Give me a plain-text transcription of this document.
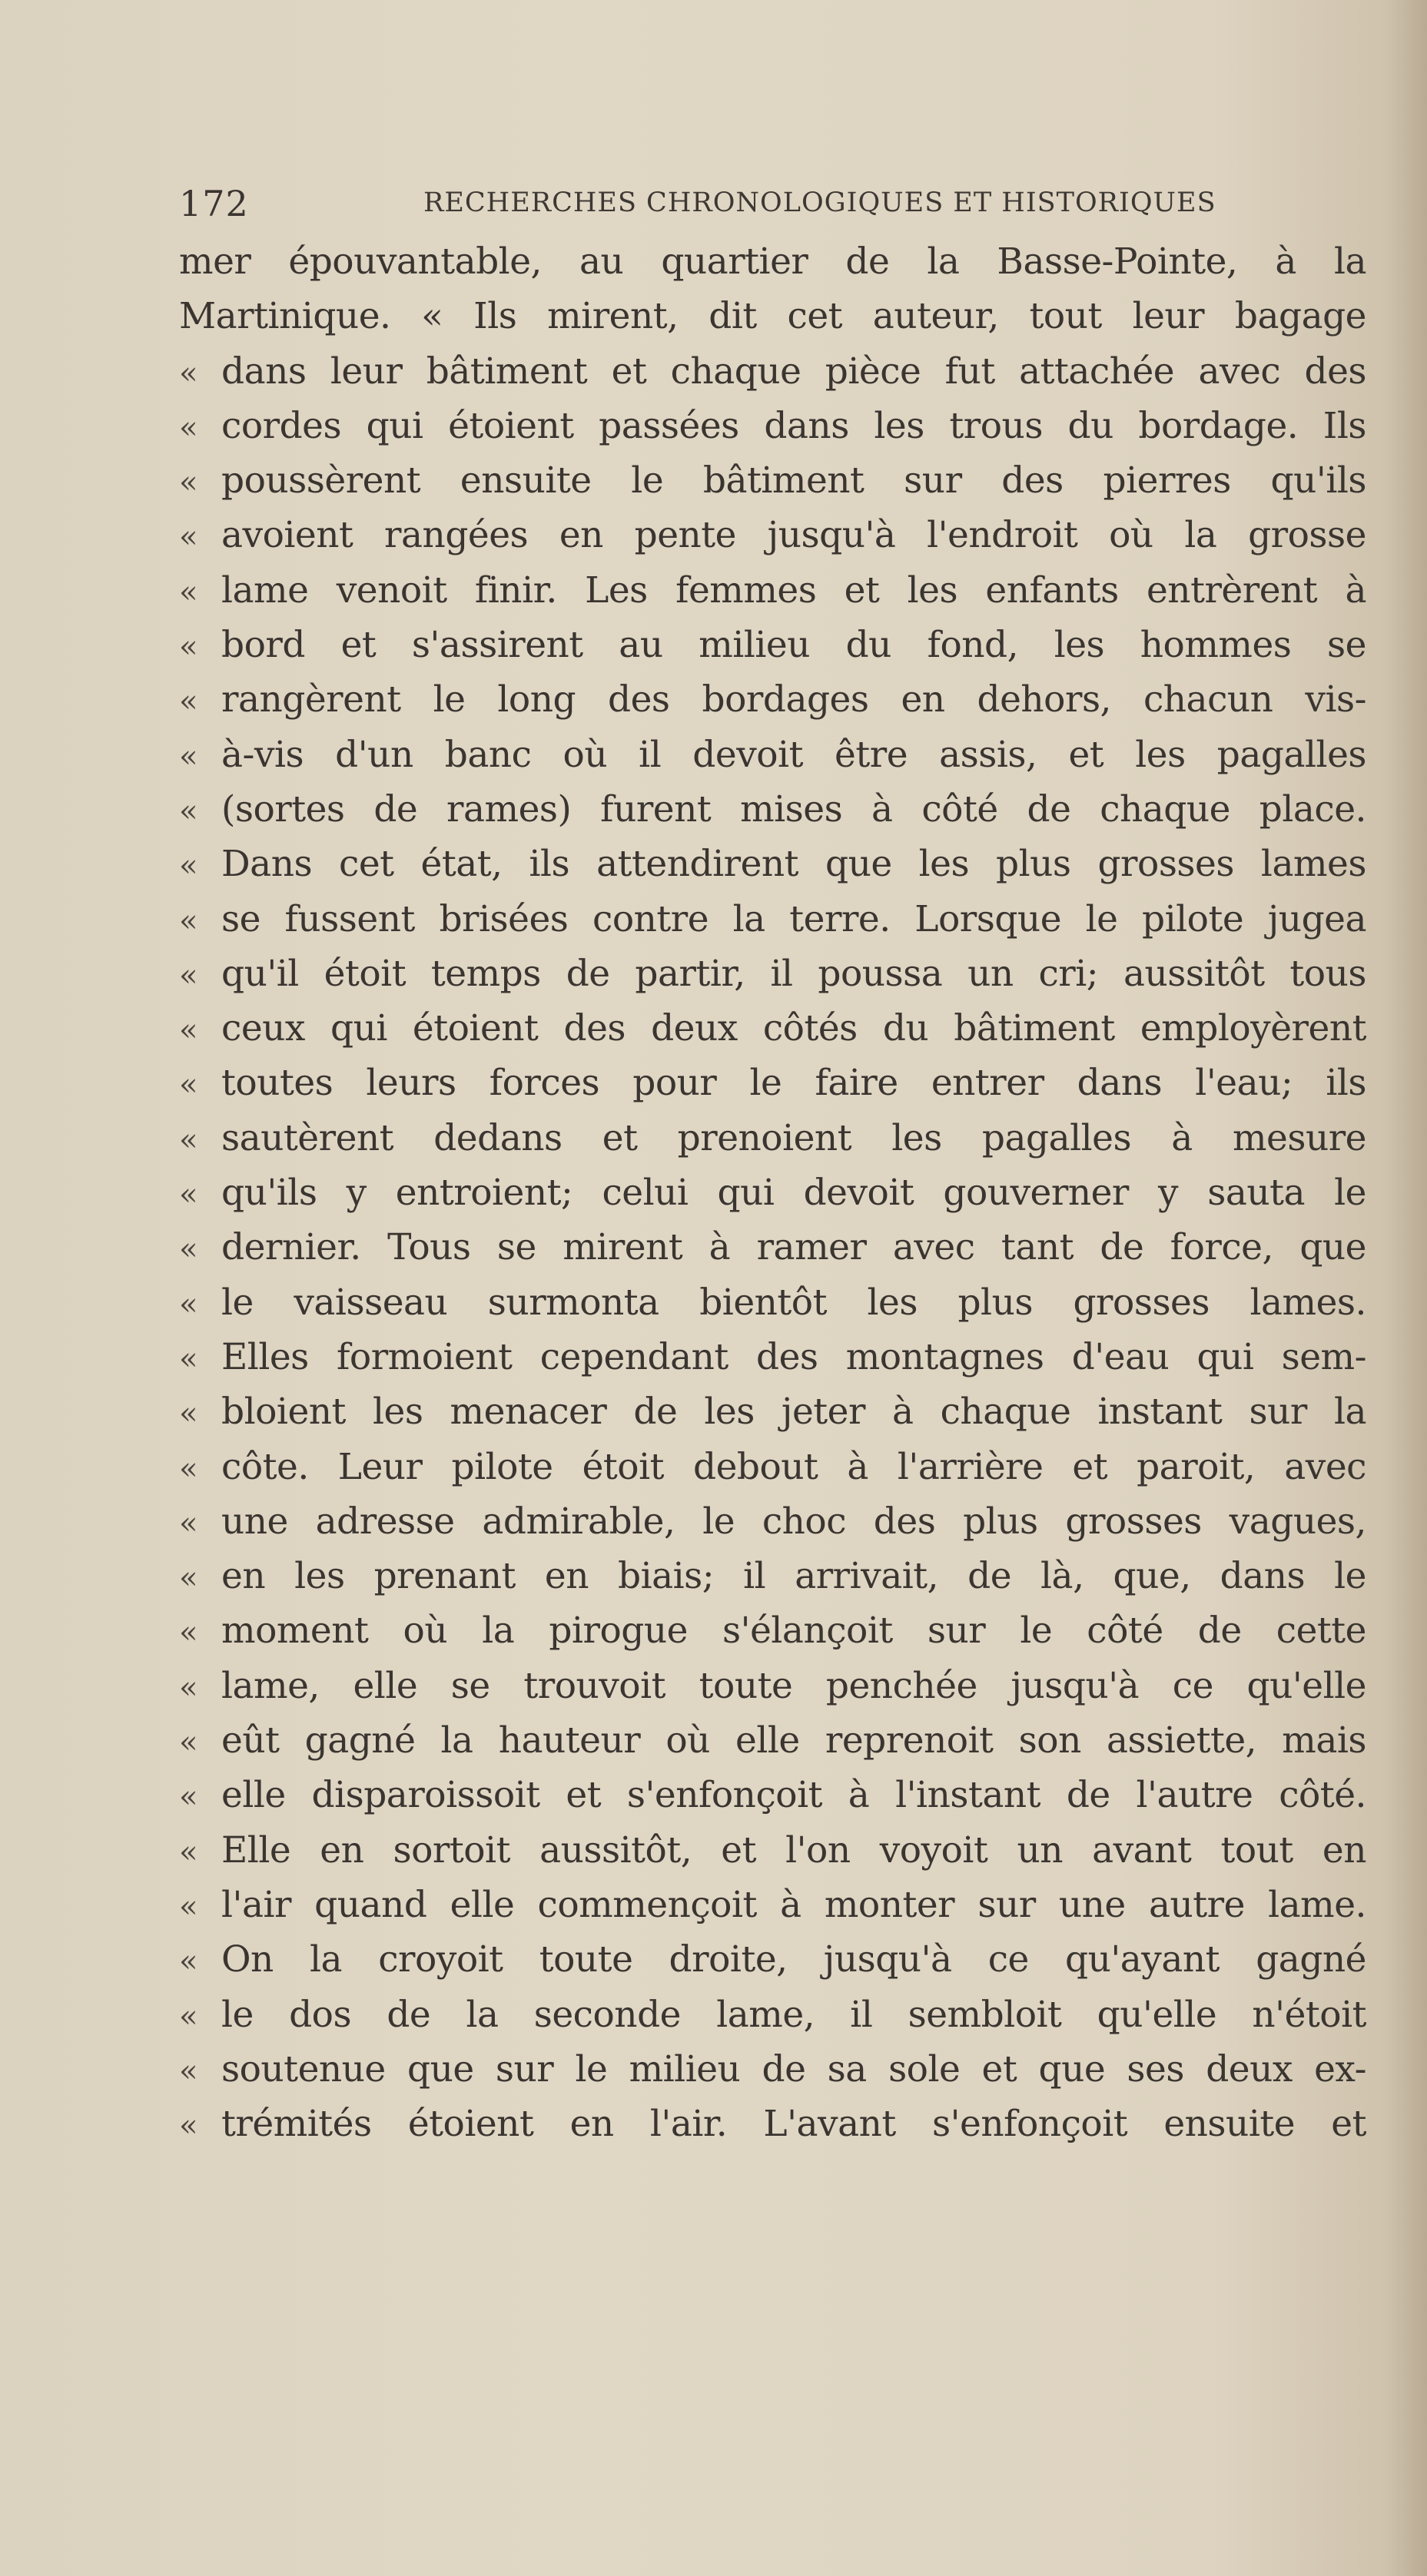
172	RECHERCHES CHRONOLOGIQUES ET HISTORIQUES
mer épouvantable, au quartier de la Basse-Pointe, à la
Martinique. « Ils mirent, dit cet auteur, tout leur bagage
« dans leur bâtiment et chaque pièce fut attachée avec des
« cordes qui étoient passées dans les trous du bordage. Ils
« poussèrent ensuite le bâtiment sur des pierres qu'ils
« avoient rangées en pente jusqu'à l'endroit où la grosse
« lame venoit finir. Les femmes et les enfants entrèrent à
« bord et s'assirent au milieu du fond, les hommes se
« rangèrent le long des bordages en dehors, chacun vis-
« à-vis d'un banc où il devoit être assis, et les pagalles
« (sortes de rames) furent mises à côté de chaque place.
« Dans cet état, ils attendirent que les plus grosses lames
« se fussent brisées contre la terre. Lorsque le pilote jugea
« qu'il étoit temps de partir, il poussa un cri; aussitôt tous
« ceux qui étoient des deux côtés du bâtiment employèrent
« toutes leurs forces pour le faire entrer dans l'eau; ils
« sautèrent dedans et prenoient les pagalles à mesure
« qu'ils y entroient; celui qui devoit gouverner y sauta le
« dernier. Tous se mirent à ramer avec tant de force, que
« le vaisseau surmonta bientôt les plus grosses lames.
« Elles formoient cependant des montagnes d'eau qui sem-
« bloient les menacer de les jeter à chaque instant sur la
« côte. Leur pilote étoit debout à l'arrière et paroit, avec
« une adresse admirable, le choc des plus grosses vagues,
« en les prenant en biais; il arrivait, de là, que, dans le
« moment où la pirogue s'élançoit sur le côté de cette
« lame, elle se trouvoit toute penchée jusqu'à ce qu'elle
« eût gagné la hauteur où elle reprenoit son assiette, mais
« elle disparoissoit et s'enfonçoit à l'instant de l'autre côté.
« Elle en sortoit aussitôt, et l'on voyoit un avant tout en
« l'air quand elle commençoit à monter sur une autre lame.
« On la croyoit toute droite, jusqu'à ce qu'ayant gagné
« le dos de la seconde lame, il sembloit qu'elle n'étoit
« soutenue que sur le milieu de sa sole et que ses deux ex-
« trémités étoient en l'air. L'avant s'enfonçoit ensuite et
